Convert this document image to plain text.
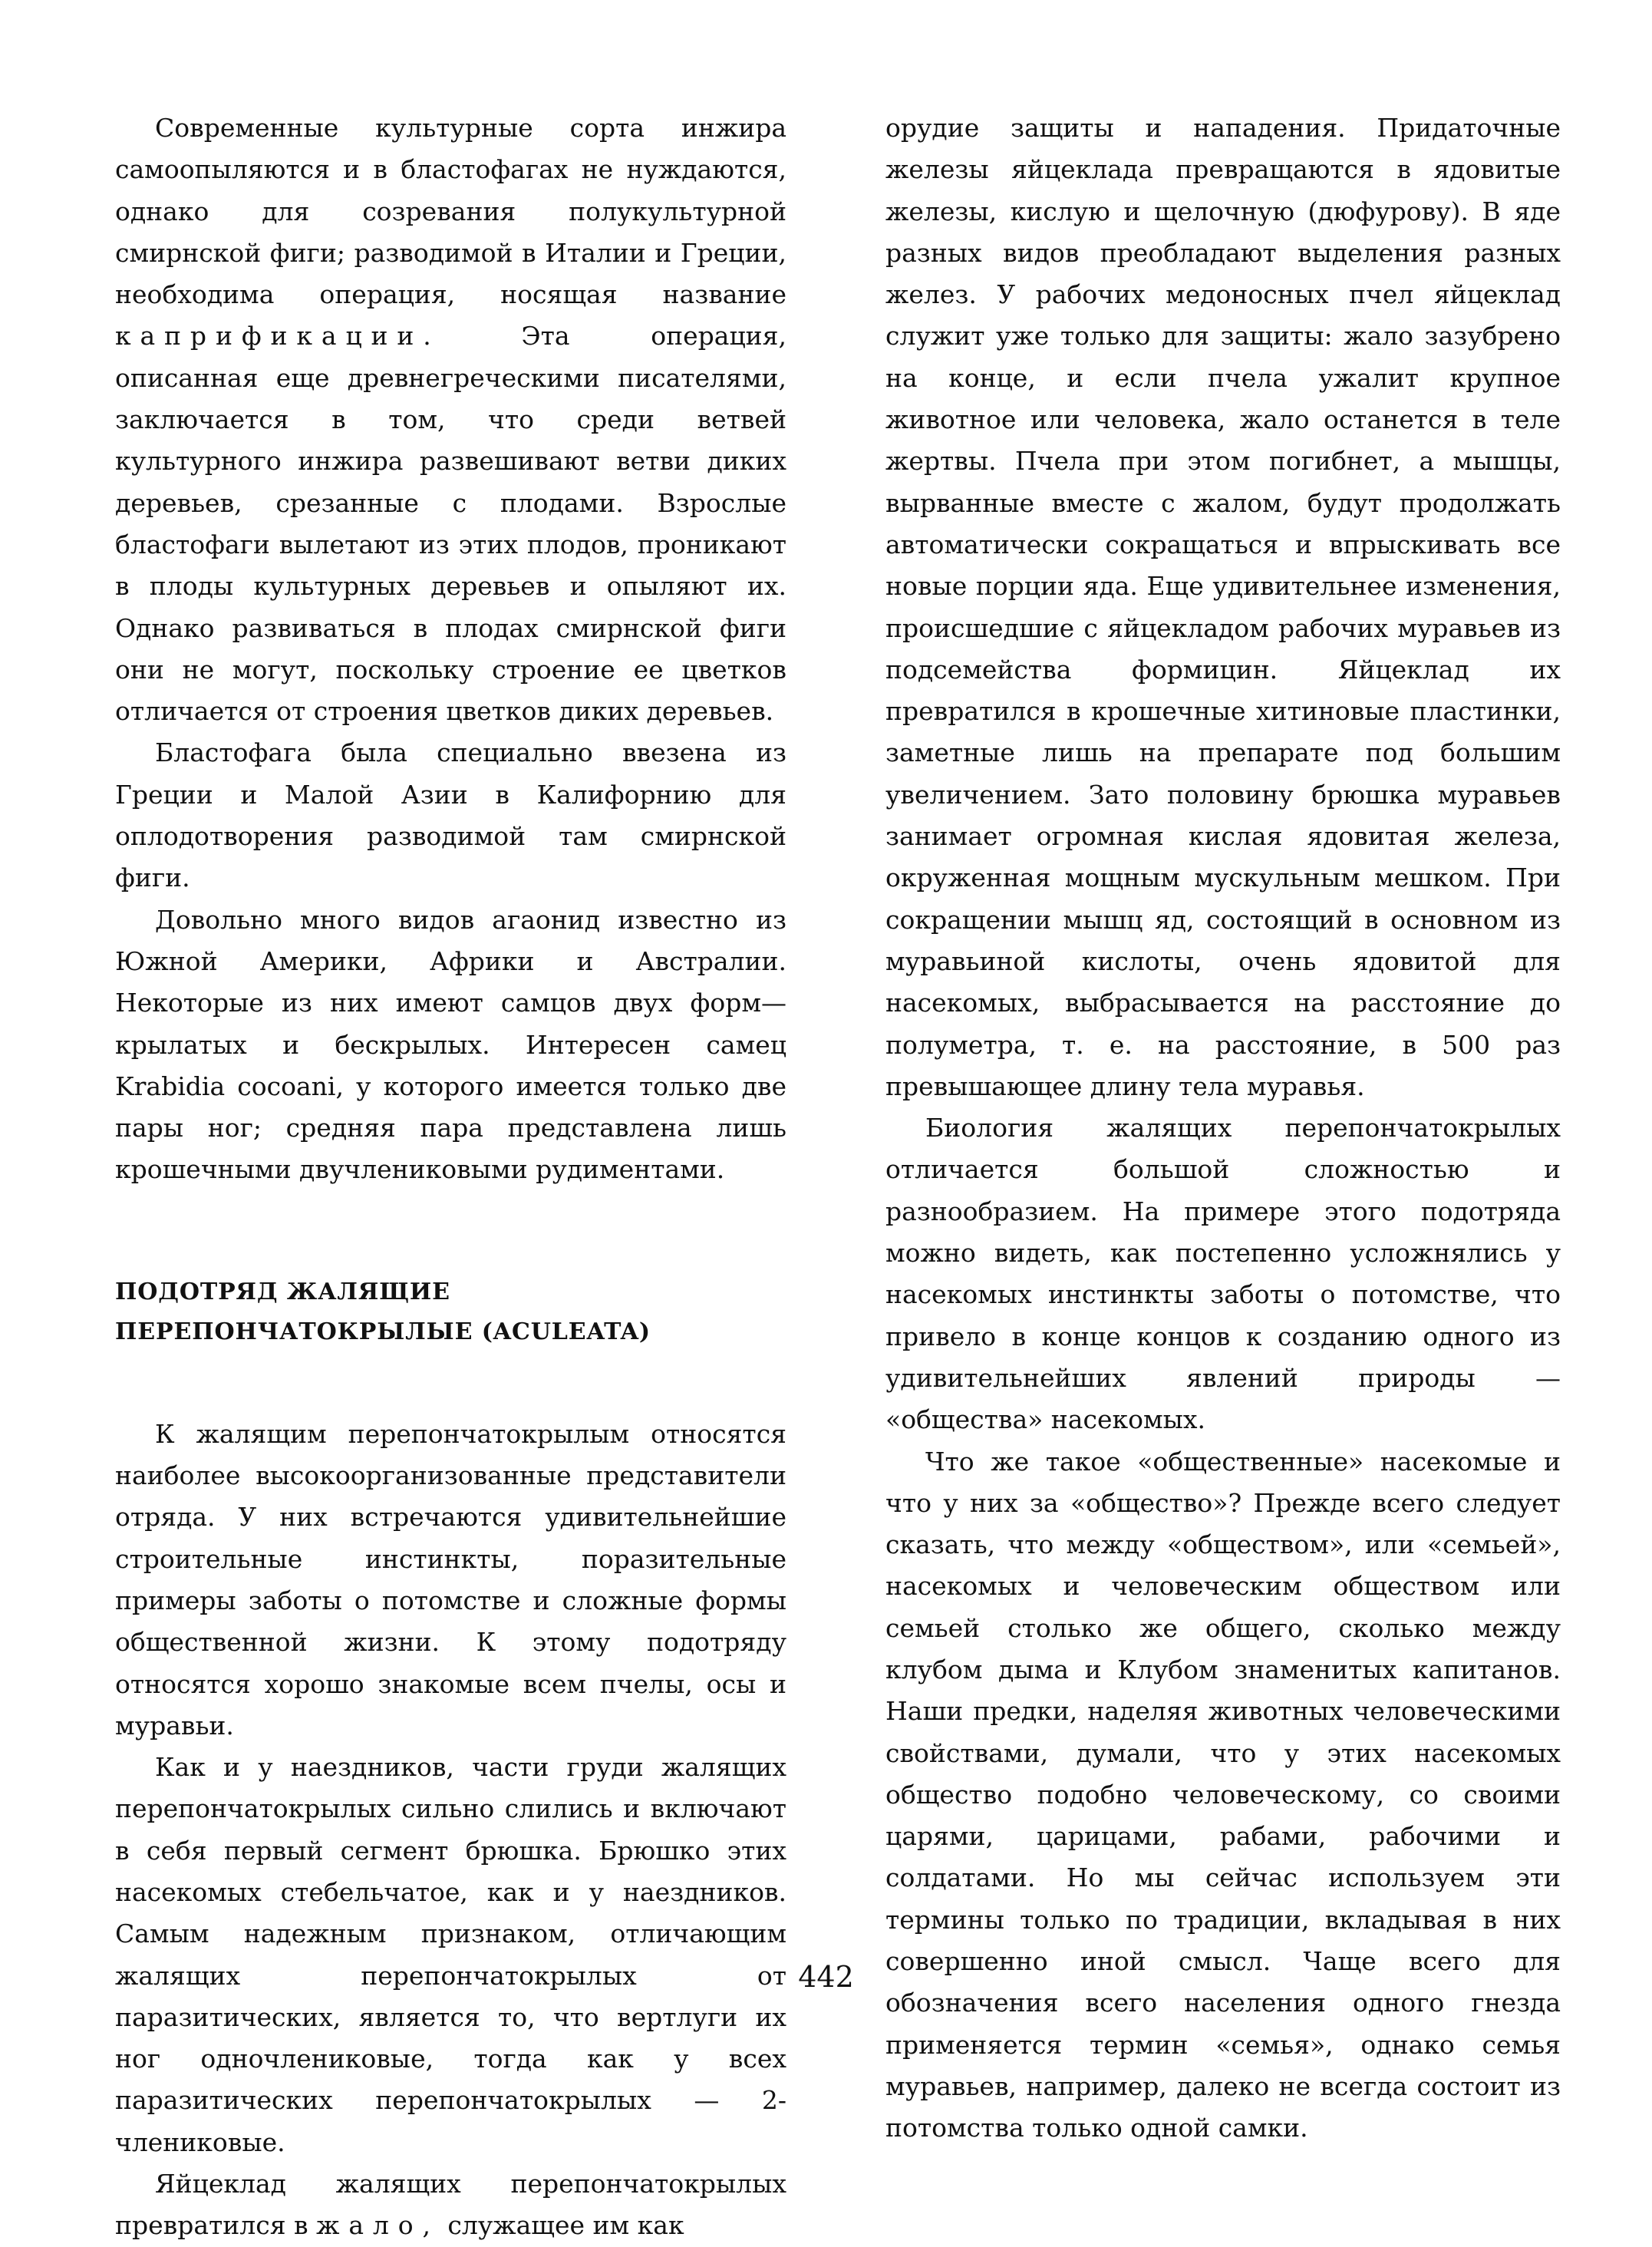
Современные культурные сорта инжира самоопыляются и в бластофагах не нуждаются, однако для созревания полукультурной смирнской фиги; разводимой в Италии и Греции, необходима операция, носящая название капрификации.	Эта операция, описанная еще древнегреческими писателями, заключается в том, что среди ветвей культурного инжира развешивают ветви диких деревьев, срезанные с плодами. Взрослые бластофаги вылетают из этих плодов, проникают в плоды культурных деревьев и опыляют их. Однако развиваться в плодах смирнской фиги они не могут, поскольку строение ее цветков отличается от строения цветков диких деревьев.

Бластофага была специально ввезена из Греции и Малой Азии в Калифорнию для оплодотворения разводимой там смирнской фиги.

Довольно много видов агаонид известно из Южной Америки, Африки и Австралии. Некоторые из них имеют самцов двух форм—крылатых и бескрылых. Интересен самец Krabidia cocoani, у которого имеется только две пары ног; средняя пара представлена лишь крошечными двучлениковыми рудиментами.

ПОДОТРЯД ЖАЛЯЩИЕ
ПЕРЕПОНЧАТОКРЫЛЫЕ (ACULEATA)

К жалящим перепончатокрылым относятся наиболее высокоорганизованные представители отряда. У них встречаются удивительнейшие строительные инстинкты, поразительные примеры заботы о потомстве и сложные формы общественной жизни. К этому подотряду относятся хорошо знакомые всем пчелы, осы и муравьи.

Как и у наездников, части груди жалящих перепончатокрылых сильно слились и включают в себя первый сегмент брюшка. Брюшко этих насекомых стебельчатое, как и у наездников. Самым надежным признаком, отличающим жалящих перепончатокрылых от паразитических, является то, что вертлуги их ног одночлениковые, тогда как у всех паразитических перепончатокрылых — 2-члениковые.

Яйцеклад жалящих перепончатокрылых превратился в жало, служащее им как

орудие защиты и нападения. Придаточные железы яйцеклада превращаются в ядовитые железы, кислую и щелочную (дюфурову). В яде разных видов преобладают выделения разных желез. У рабочих медоносных пчел яйцеклад служит уже только для защиты: жало зазубрено на конце, и если пчела ужалит крупное животное или человека, жало останется в теле жертвы. Пчела при этом погибнет, а мышцы, вырванные вместе с жалом, будут продолжать автоматически сокращаться и впрыскивать все новые порции яда. Еще удивительнее изменения, происшедшие с яйцекладом рабочих муравьев из подсемейства формицин. Яйцеклад их превратился в крошечные хитиновые пластинки, заметные лишь на препарате под большим увеличением. Зато половину брюшка муравьев занимает огромная кислая ядовитая железа, окруженная мощным мускульным мешком. При сокращении мышц яд, состоящий в основном из муравьиной кислоты, очень ядовитой для насекомых, выбрасывается на расстояние до полуметра, т. е. на расстояние, в 500 раз превышающее длину тела муравья.

Биология жалящих перепончатокрылых отличается большой сложностью и разнообразием. На примере этого подотряда можно видеть, как постепенно усложнялись у насекомых инстинкты заботы о потомстве, что привело в конце концов к созданию одного из удивительнейших явлений природы — «общества» насекомых.

Что же такое «общественные» насекомые и что у них за «общество»? Прежде всего следует сказать, что между «обществом», или «семьей», насекомых и человеческим обществом или семьей столько же общего, сколько между клубом дыма и Клубом знаменитых капитанов. Наши предки, наделяя животных человеческими свойствами, думали, что у этих насекомых общество подобно человеческому, со своими царями, царицами, рабами, рабочими и солдатами. Но мы сейчас используем эти термины только по традиции, вкладывая в них совершенно иной смысл. Чаще всего для обозначения всего населения одного гнезда применяется термин «семья», однако семья муравьев, например, далеко не всегда состоит из потомства только одной самки.

442
